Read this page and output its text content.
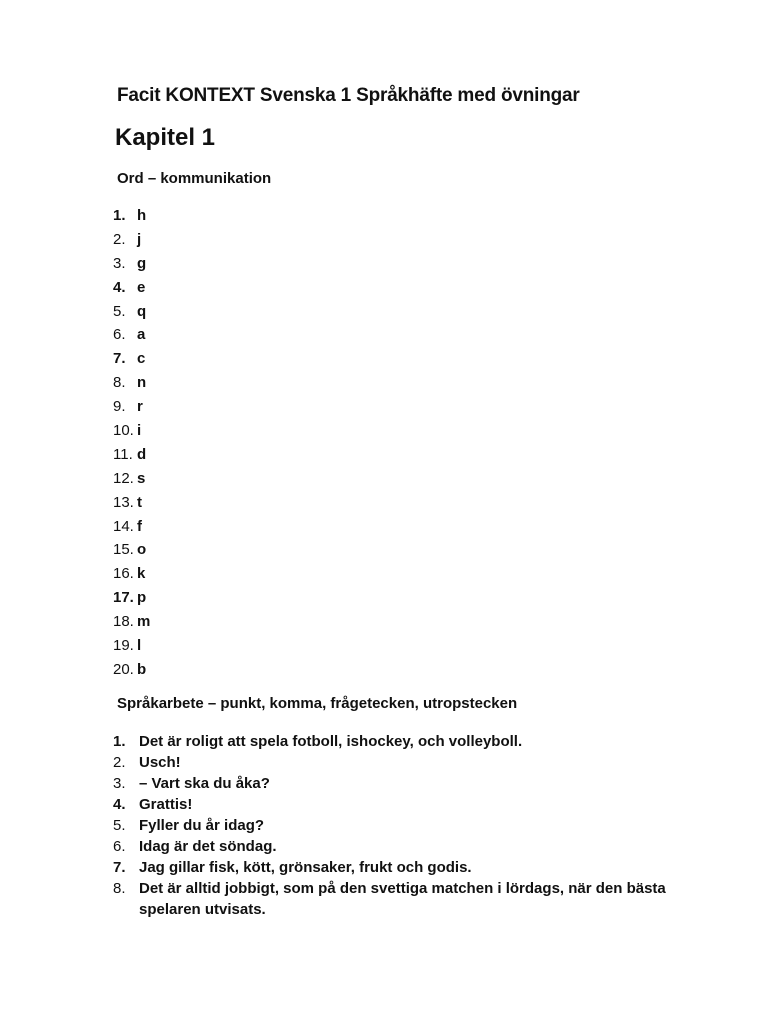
Facit KONTEXT Svenska 1 Språkhäfte med övningar
Kapitel 1
Ord – kommunikation
1. h
2. j
3. g
4. e
5. q
6. a
7. c
8. n
9. r
10. i
11. d
12. s
13. t
14. f
15. o
16. k
17. p
18. m
19. l
20. b
Språkarbete – punkt, komma, frågetecken, utropstecken
1. Det är roligt att spela fotboll, ishockey, och volleyboll.
2. Usch!
3. – Vart ska du åka?
4. Grattis!
5. Fyller du år idag?
6. Idag är det söndag.
7. Jag gillar fisk, kött, grönsaker, frukt och godis.
8. Det är alltid jobbigt, som på den svettiga matchen i lördags, när den bästa spelaren utvisats.
